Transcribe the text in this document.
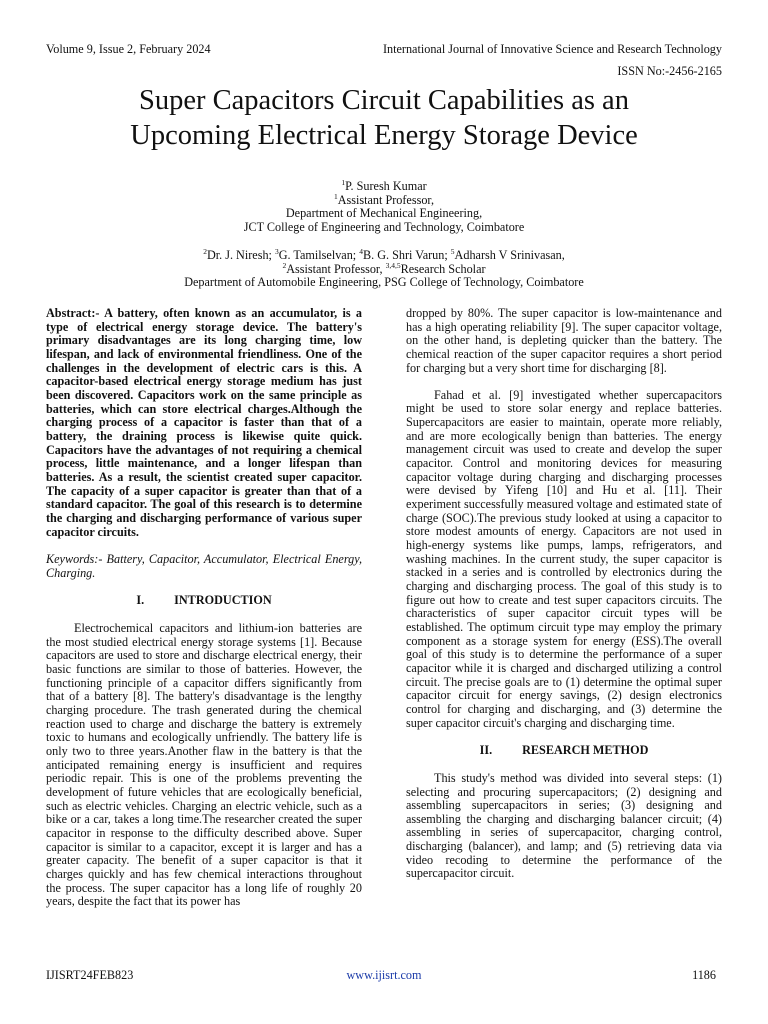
Volume 9, Issue 2, February 2024	International Journal of Innovative Science and Research Technology
ISSN No:-2456-2165
Super Capacitors Circuit Capabilities as an
Upcoming Electrical Energy Storage Device
$^1$P. Suresh Kumar
$^1$Assistant Professor,
Department of Mechanical Engineering,
JCT College of Engineering and Technology, Coimbatore
$^2$Dr. J. Niresh; $^3$G. Tamilselvan; $^4$B. G. Shri Varun; $^5$Adharsh V Srinivasan,
$^2$Assistant Professor, $^{3,4,5}$Research Scholar
Department of Automobile Engineering, PSG College of Technology, Coimbatore

Abstract:- A battery, often known as an accumulator, is a type of electrical energy storage device. The battery's primary disadvantages are its long charging time, low lifespan, and lack of environmental friendliness. One of the challenges in the development of electric cars is this. A capacitor-based electrical energy storage medium has just been discovered. Capacitors work on the same principle as batteries, which can store electrical charges.Although the charging process of a capacitor is faster than that of a battery, the draining process is likewise quite quick. Capacitors have the advantages of not requiring a chemical process, little maintenance, and a longer lifespan than batteries. As a result, the scientist created super capacitor. The capacity of a super capacitor is greater than that of a standard capacitor. The goal of this research is to determine the charging and discharging performance of various super capacitor circuits.

Keywords:- Battery, Capacitor, Accumulator, Electrical Energy, Charging.

I. INTRODUCTION

Electrochemical capacitors and lithium-ion batteries are the most studied electrical energy storage systems [1]. Because capacitors are used to store and discharge electrical energy, their basic functions are similar to those of batteries. However, the functioning principle of a capacitor differs significantly from that of a battery [8]. The battery's disadvantage is the lengthy charging procedure. The trash generated during the chemical reaction used to charge and discharge the battery is extremely toxic to humans and ecologically unfriendly. The battery life is only two to three years.Another flaw in the battery is that the anticipated remaining energy is insufficient and requires periodic repair. This is one of the problems preventing the development of future vehicles that are ecologically beneficial, such as electric vehicles. Charging an electric vehicle, such as a bike or a car, takes a long time.The researcher created the super capacitor in response to the difficulty described above. Super capacitor is similar to a capacitor, except it is larger and has a greater capacity. The benefit of a super capacitor is that it charges quickly and has few chemical interactions throughout the process. The super capacitor has a long life of roughly 20 years, despite the fact that its power has

dropped by 80%. The super capacitor is low-maintenance and has a high operating reliability [9]. The super capacitor voltage, on the other hand, is depleting quicker than the battery. The chemical reaction of the super capacitor requires a short period for charging but a very short time for discharging [8].

Fahad et al. [9] investigated whether supercapacitors might be used to store solar energy and replace batteries. Supercapacitors are easier to maintain, operate more reliably, and are more ecologically benign than batteries. The energy management circuit was used to create and develop the super capacitor. Control and monitoring devices for measuring capacitor voltage during charging and discharging processes were devised by Yifeng [10] and Hu et al. [11]. Their experiment successfully measured voltage and estimated state of charge (SOC).The previous study looked at using a capacitor to store modest amounts of energy. Capacitors are not used in high-energy systems like pumps, lamps, refrigerators, and washing machines. In the current study, the super capacitor is stacked in a series and is controlled by electronics during the charging and discharging process. The goal of this study is to figure out how to create and test super capacitors circuits. The characteristics of super capacitor circuit types will be established. The optimum circuit type may employ the primary component as a storage system for energy (ESS).The overall goal of this study is to determine the performance of a super capacitor while it is charged and discharged utilizing a control circuit. The precise goals are to (1) determine the optimal super capacitor circuit for energy savings, (2) design electronics control for charging and discharging, and (3) determine the super capacitor circuit's charging and discharging time.

II. RESEARCH METHOD

This study's method was divided into several steps: (1) selecting and procuring supercapacitors; (2) designing and assembling supercapacitors in series; (3) designing and assembling the charging and discharging balancer circuit; (4) assembling in series of supercapacitor, charging control, discharging (balancer), and lamp; and (5) retrieving data via video recoding to determine the performance of the supercapacitor circuit.

IJISRT24FEB823	www.ijisrt.com	1186
